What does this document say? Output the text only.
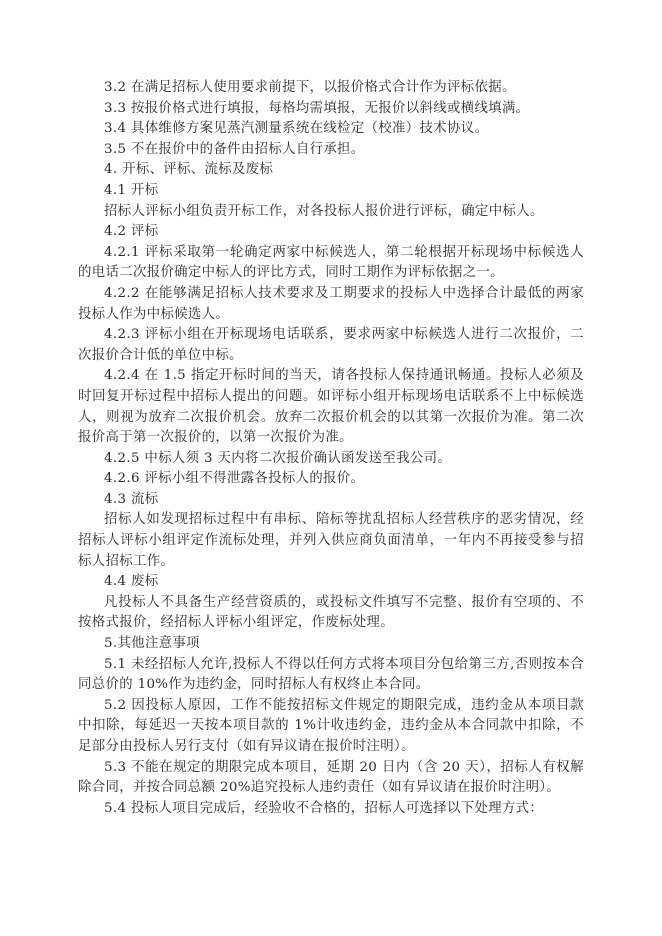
3.2 在满足招标人使用要求前提下，以报价格式合计作为评标依据。

3.3 按报价格式进行填报，每格均需填报，无报价以斜线或横线填满。

3.4 具体维修方案见蒸汽测量系统在线检定（校准）技术协议。

3.5 不在报价中的备件由招标人自行承担。

4. 开标、评标、流标及废标

4.1 开标

招标人评标小组负责开标工作，对各投标人报价进行评标，确定中标人。

4.2 评标

4.2.1 评标采取第一轮确定两家中标候选人，第二轮根据开标现场中标候选人的电话二次报价确定中标人的评比方式，同时工期作为评标依据之一。

4.2.2 在能够满足招标人技术要求及工期要求的投标人中选择合计最低的两家投标人作为中标候选人。

4.2.3 评标小组在开标现场电话联系，要求两家中标候选人进行二次报价，二次报价合计低的单位中标。

4.2.4 在 1.5 指定开标时间的当天，请各投标人保持通讯畅通。投标人必须及时回复开标过程中招标人提出的问题。如评标小组开标现场电话联系不上中标候选人，则视为放弃二次报价机会。放弃二次报价机会的以其第一次报价为准。第二次报价高于第一次报价的，以第一次报价为准。

4.2.5 中标人须 3 天内将二次报价确认函发送至我公司。

4.2.6 评标小组不得泄露各投标人的报价。

4.3 流标

招标人如发现招标过程中有串标、陪标等扰乱招标人经营秩序的恶劣情况，经招标人评标小组评定作流标处理，并列入供应商负面清单，一年内不再接受参与招标人招标工作。

4.4 废标

凡投标人不具备生产经营资质的，或投标文件填写不完整、报价有空项的、不按格式报价，经招标人评标小组评定，作废标处理。

5.其他注意事项

5.1 未经招标人允许,投标人不得以任何方式将本项目分包给第三方,否则按本合同总价的 10%作为违约金，同时招标人有权终止本合同。

5.2 因投标人原因，工作不能按招标文件规定的期限完成，违约金从本项目款中扣除，每延迟一天按本项目款的 1%计收违约金，违约金从本合同款中扣除，不足部分由投标人另行支付（如有异议请在报价时注明）。

5.3 不能在规定的期限完成本项目，延期 20 日内（含 20 天），招标人有权解除合同，并按合同总额 20%追究投标人违约责任（如有异议请在报价时注明）。

5.4 投标人项目完成后，经验收不合格的，招标人可选择以下处理方式：
